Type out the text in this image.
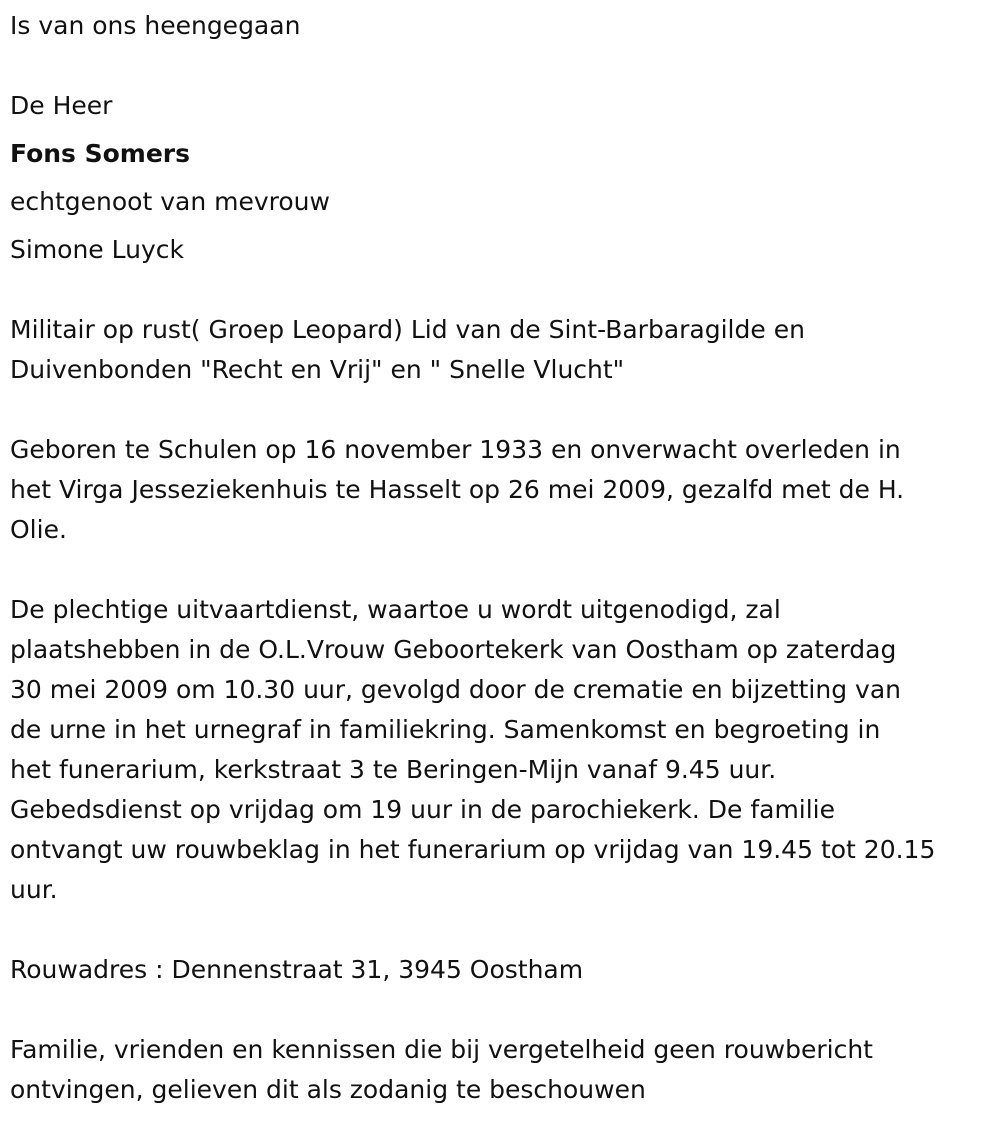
Is van ons heengegaan
De Heer
Fons Somers
echtgenoot van mevrouw
Simone Luyck
Militair op rust( Groep Leopard) Lid van de Sint-Barbaragilde en
Duivenbonden "Recht en Vrij" en " Snelle Vlucht"
Geboren te Schulen op 16 november 1933 en onverwacht overleden in
het Virga Jesseziekenhuis te Hasselt op 26 mei 2009, gezalfd met de H.
Olie.
De plechtige uitvaartdienst, waartoe u wordt uitgenodigd, zal
plaatshebben in de O.L.Vrouw Geboortekerk van Oostham op zaterdag
30 mei 2009 om 10.30 uur, gevolgd door de crematie en bijzetting van
de urne in het urnegraf in familiekring. Samenkomst en begroeting in
het funerarium, kerkstraat 3 te Beringen-Mijn vanaf 9.45 uur.
Gebedsdienst op vrijdag om 19 uur in de parochiekerk. De familie
ontvangt uw rouwbeklag in het funerarium op vrijdag van 19.45 tot 20.15
uur.
Rouwadres : Dennenstraat 31, 3945 Oostham
Familie, vrienden en kennissen die bij vergetelheid geen rouwbericht
ontvingen, gelieven dit als zodanig te beschouwen
